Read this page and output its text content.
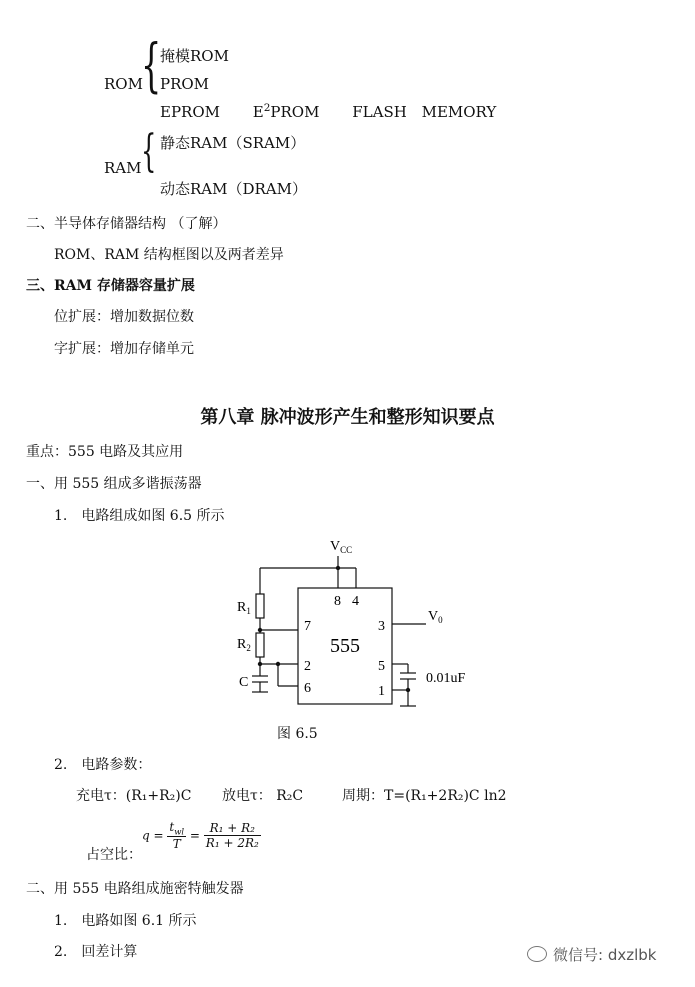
ROM
{
掩模ROM
PROM
EPROM $E^2PROM$ FLASH MEMORY
RAM { 静态RAM（SRAM）
动态RAM（DRAM）
二、半导体存储器结构 （了解）
ROM、RAM 结构框图以及两者差异
三、RAM 存储器容量扩展
位扩展：增加数据位数
字扩展：增加存储单元
第八章 脉冲波形产生和整形知识要点
重点：555 电路及其应用
一、用 555 组成多谐振荡器
1. 电路组成如图 6.5 所示
$V_{CC}$
$V_0$
8 4
7	3
555
2	5
6	1
$R_1$
$R_2$
C	0.01uF
图 6.5
2. 电路参数：
充电τ：(R₁+R₂)C 放电τ： R₂C	周期：T=(R₁+2R₂)C ln2
占空比：
$q = \frac{t_{wl}}{T} = \frac{\text{R₁ + R₂}}{\text{R₁ + 2R₂}}$
二、用 555 电路组成施密特触发器
1. 电路如图 6.1 所示
2. 回差计算	微信号: dxzlbk
